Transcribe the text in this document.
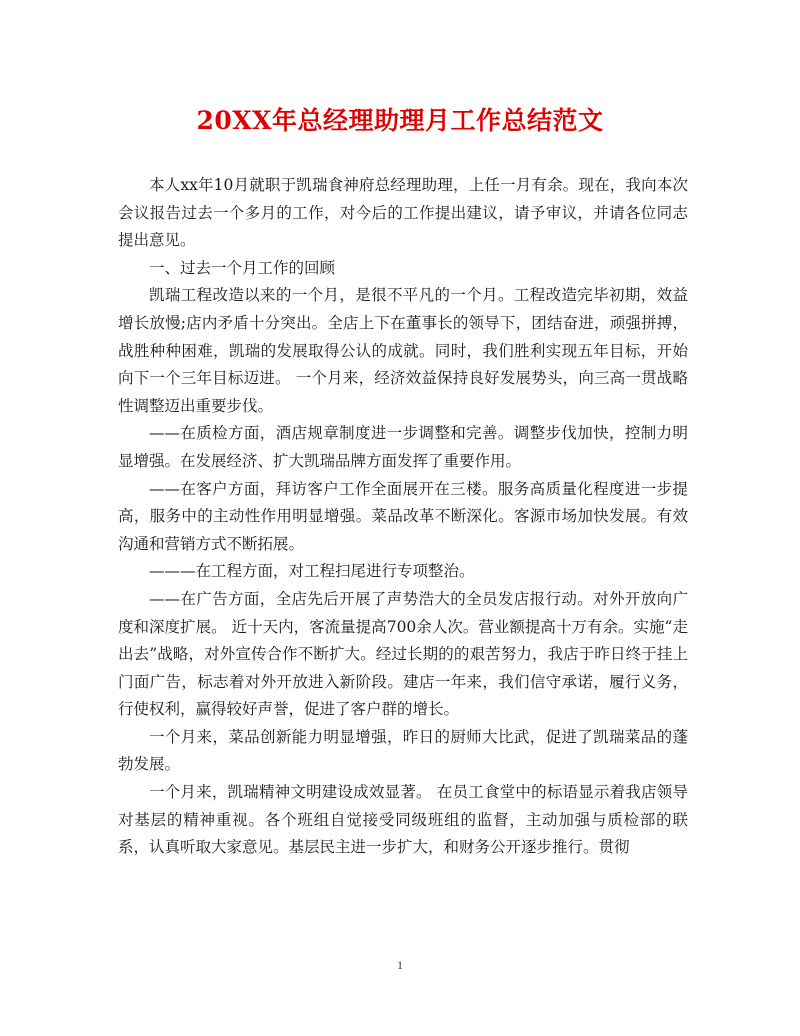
20XX年总经理助理月工作总结范文

本人xx年10月就职于凯瑞食神府总经理助理，上任一月有余。现在，我向本次会议报告过去一个多月的工作，对今后的工作提出建议，请予审议，并请各位同志提出意见。

一、过去一个月工作的回顾

凯瑞工程改造以来的一个月，是很不平凡的一个月。工程改造完毕初期，效益增长放慢;店内矛盾十分突出。全店上下在董事长的领导下，团结奋进，顽强拼搏，战胜种种困难，凯瑞的发展取得公认的成就。同时，我们胜利实现五年目标，开始向下一个三年目标迈进。 一个月来，经济效益保持良好发展势头，向三高一贯战略性调整迈出重要步伐。

——在质检方面，酒店规章制度进一步调整和完善。调整步伐加快，控制力明显增强。在发展经济、扩大凯瑞品牌方面发挥了重要作用。

——在客户方面，拜访客户工作全面展开在三楼。服务高质量化程度进一步提高，服务中的主动性作用明显增强。菜品改革不断深化。客源市场加快发展。有效沟通和营销方式不断拓展。

———在工程方面，对工程扫尾进行专项整治。

——在广告方面，全店先后开展了声势浩大的全员发店报行动。对外开放向广度和深度扩展。 近十天内，客流量提高700余人次。营业额提高十万有余。实施“走出去”战略，对外宣传合作不断扩大。经过长期的的艰苦努力，我店于昨日终于挂上门面广告，标志着对外开放进入新阶段。建店一年来，我们信守承诺，履行义务，行使权利，赢得较好声誉，促进了客户群的增长。

一个月来，菜品创新能力明显增强，昨日的厨师大比武，促进了凯瑞菜品的蓬勃发展。

一个月来，凯瑞精神文明建设成效显著。 在员工食堂中的标语显示着我店领导对基层的精神重视。各个班组自觉接受同级班组的监督，主动加强与质检部的联系，认真听取大家意见。基层民主进一步扩大，和财务公开逐步推行。贯彻

1
